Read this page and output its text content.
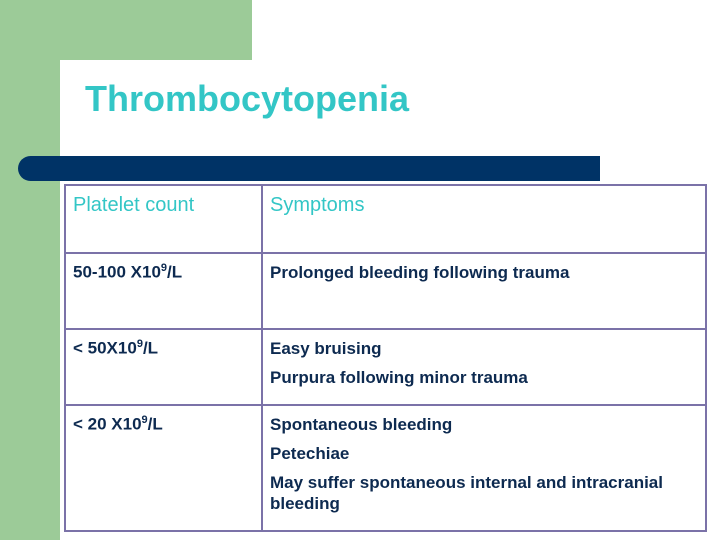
Thrombocytopenia
Platelet count	Symptoms
50-100 $X10^9/L$	Prolonged bleeding following trauma

< $50X10^9/L$	Easy bruising

Purpura following minor trauma

< 20 $X10^9/L$	Spontaneous bleeding

Petechiae

May suffer spontaneous internal and intracranial bleeding
